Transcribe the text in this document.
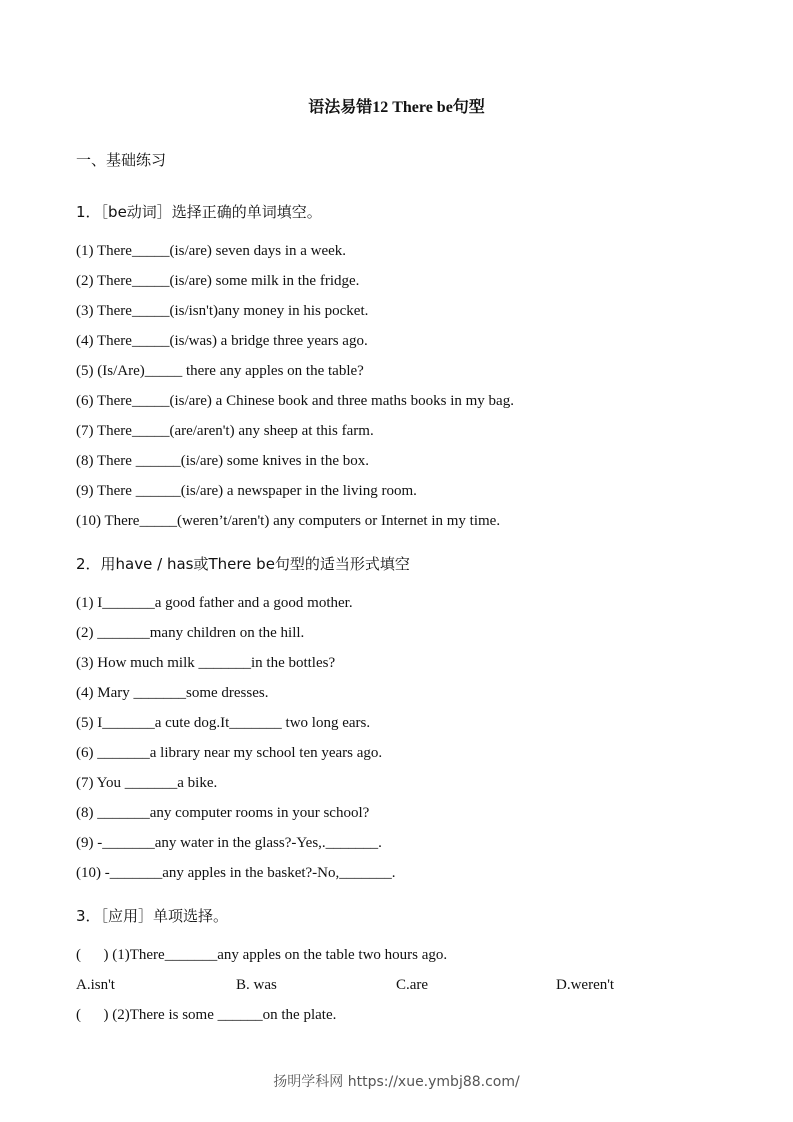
语法易错12 There be句型
一、基础练习
1．［be动词］选择正确的单词填空。
(1) There_____(is/are) seven days in a week.
(2) There_____(is/are) some milk in the fridge.
(3) There_____(is/isn't)any money in his pocket.
(4) There_____(is/was) a bridge three years ago.
(5) (Is/Are)_____ there any apples on the table?
(6) There_____(is/are) a Chinese book and three maths books in my bag.
(7) There_____(are/aren't) any sheep at this farm.
(8) There ______(is/are) some knives in the box.
(9) There ______(is/are) a newspaper in the living room.
(10) There_____(weren’t/aren't) any computers or Internet in my time.
2．用have / has或There be句型的适当形式填空
(1) I_______a good father and a good mother.
(2) _______many children on the hill.
(3) How much milk _______in the bottles?
(4) Mary _______some dresses.
(5) I_______a cute dog.It_______ two long ears.
(6) _______a library near my school ten years ago.
(7) You _______a bike.
(8) _______any computer rooms in your school?
(9) -_______any water in the glass?-Yes,._______.
(10) -_______any apples in the basket?-No,_______.
3．［应用］单项选择。
(      ) (1)There_______any apples on the table two hours ago.
A.isn't	B. was	C.are	D.weren't
(      ) (2)There is some ______on the plate.
扬明学科网 https://xue.ymbj88.com/
